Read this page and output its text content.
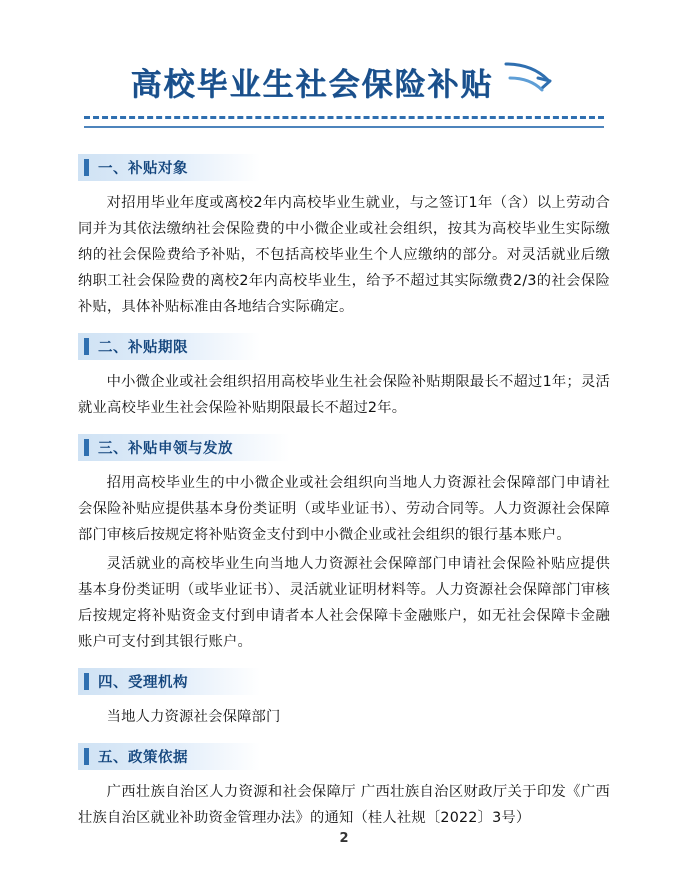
高校毕业生社会保险补贴
一、补贴对象

对招用毕业年度或离校2年内高校毕业生就业，与之签订1年（含）以上劳动合同并为其依法缴纳社会保险费的中小微企业或社会组织，按其为高校毕业生实际缴纳的社会保险费给予补贴，不包括高校毕业生个人应缴纳的部分。对灵活就业后缴纳职工社会保险费的离校2年内高校毕业生，给予不超过其实际缴费2/3的社会保险补贴，具体补贴标准由各地结合实际确定。

二、补贴期限

中小微企业或社会组织招用高校毕业生社会保险补贴期限最长不超过1年；灵活就业高校毕业生社会保险补贴期限最长不超过2年。

三、补贴申领与发放

招用高校毕业生的中小微企业或社会组织向当地人力资源社会保障部门申请社会保险补贴应提供基本身份类证明（或毕业证书）、劳动合同等。人力资源社会保障部门审核后按规定将补贴资金支付到中小微企业或社会组织的银行基本账户。

灵活就业的高校毕业生向当地人力资源社会保障部门申请社会保险补贴应提供基本身份类证明（或毕业证书）、灵活就业证明材料等。人力资源社会保障部门审核后按规定将补贴资金支付到申请者本人社会保障卡金融账户，如无社会保障卡金融账户可支付到其银行账户。

四、受理机构

当地人力资源社会保障部门

五、政策依据

广西壮族自治区人力资源和社会保障厅 广西壮族自治区财政厅关于印发《广西壮族自治区就业补助资金管理办法》的通知（桂人社规〔2022〕3号）

2
